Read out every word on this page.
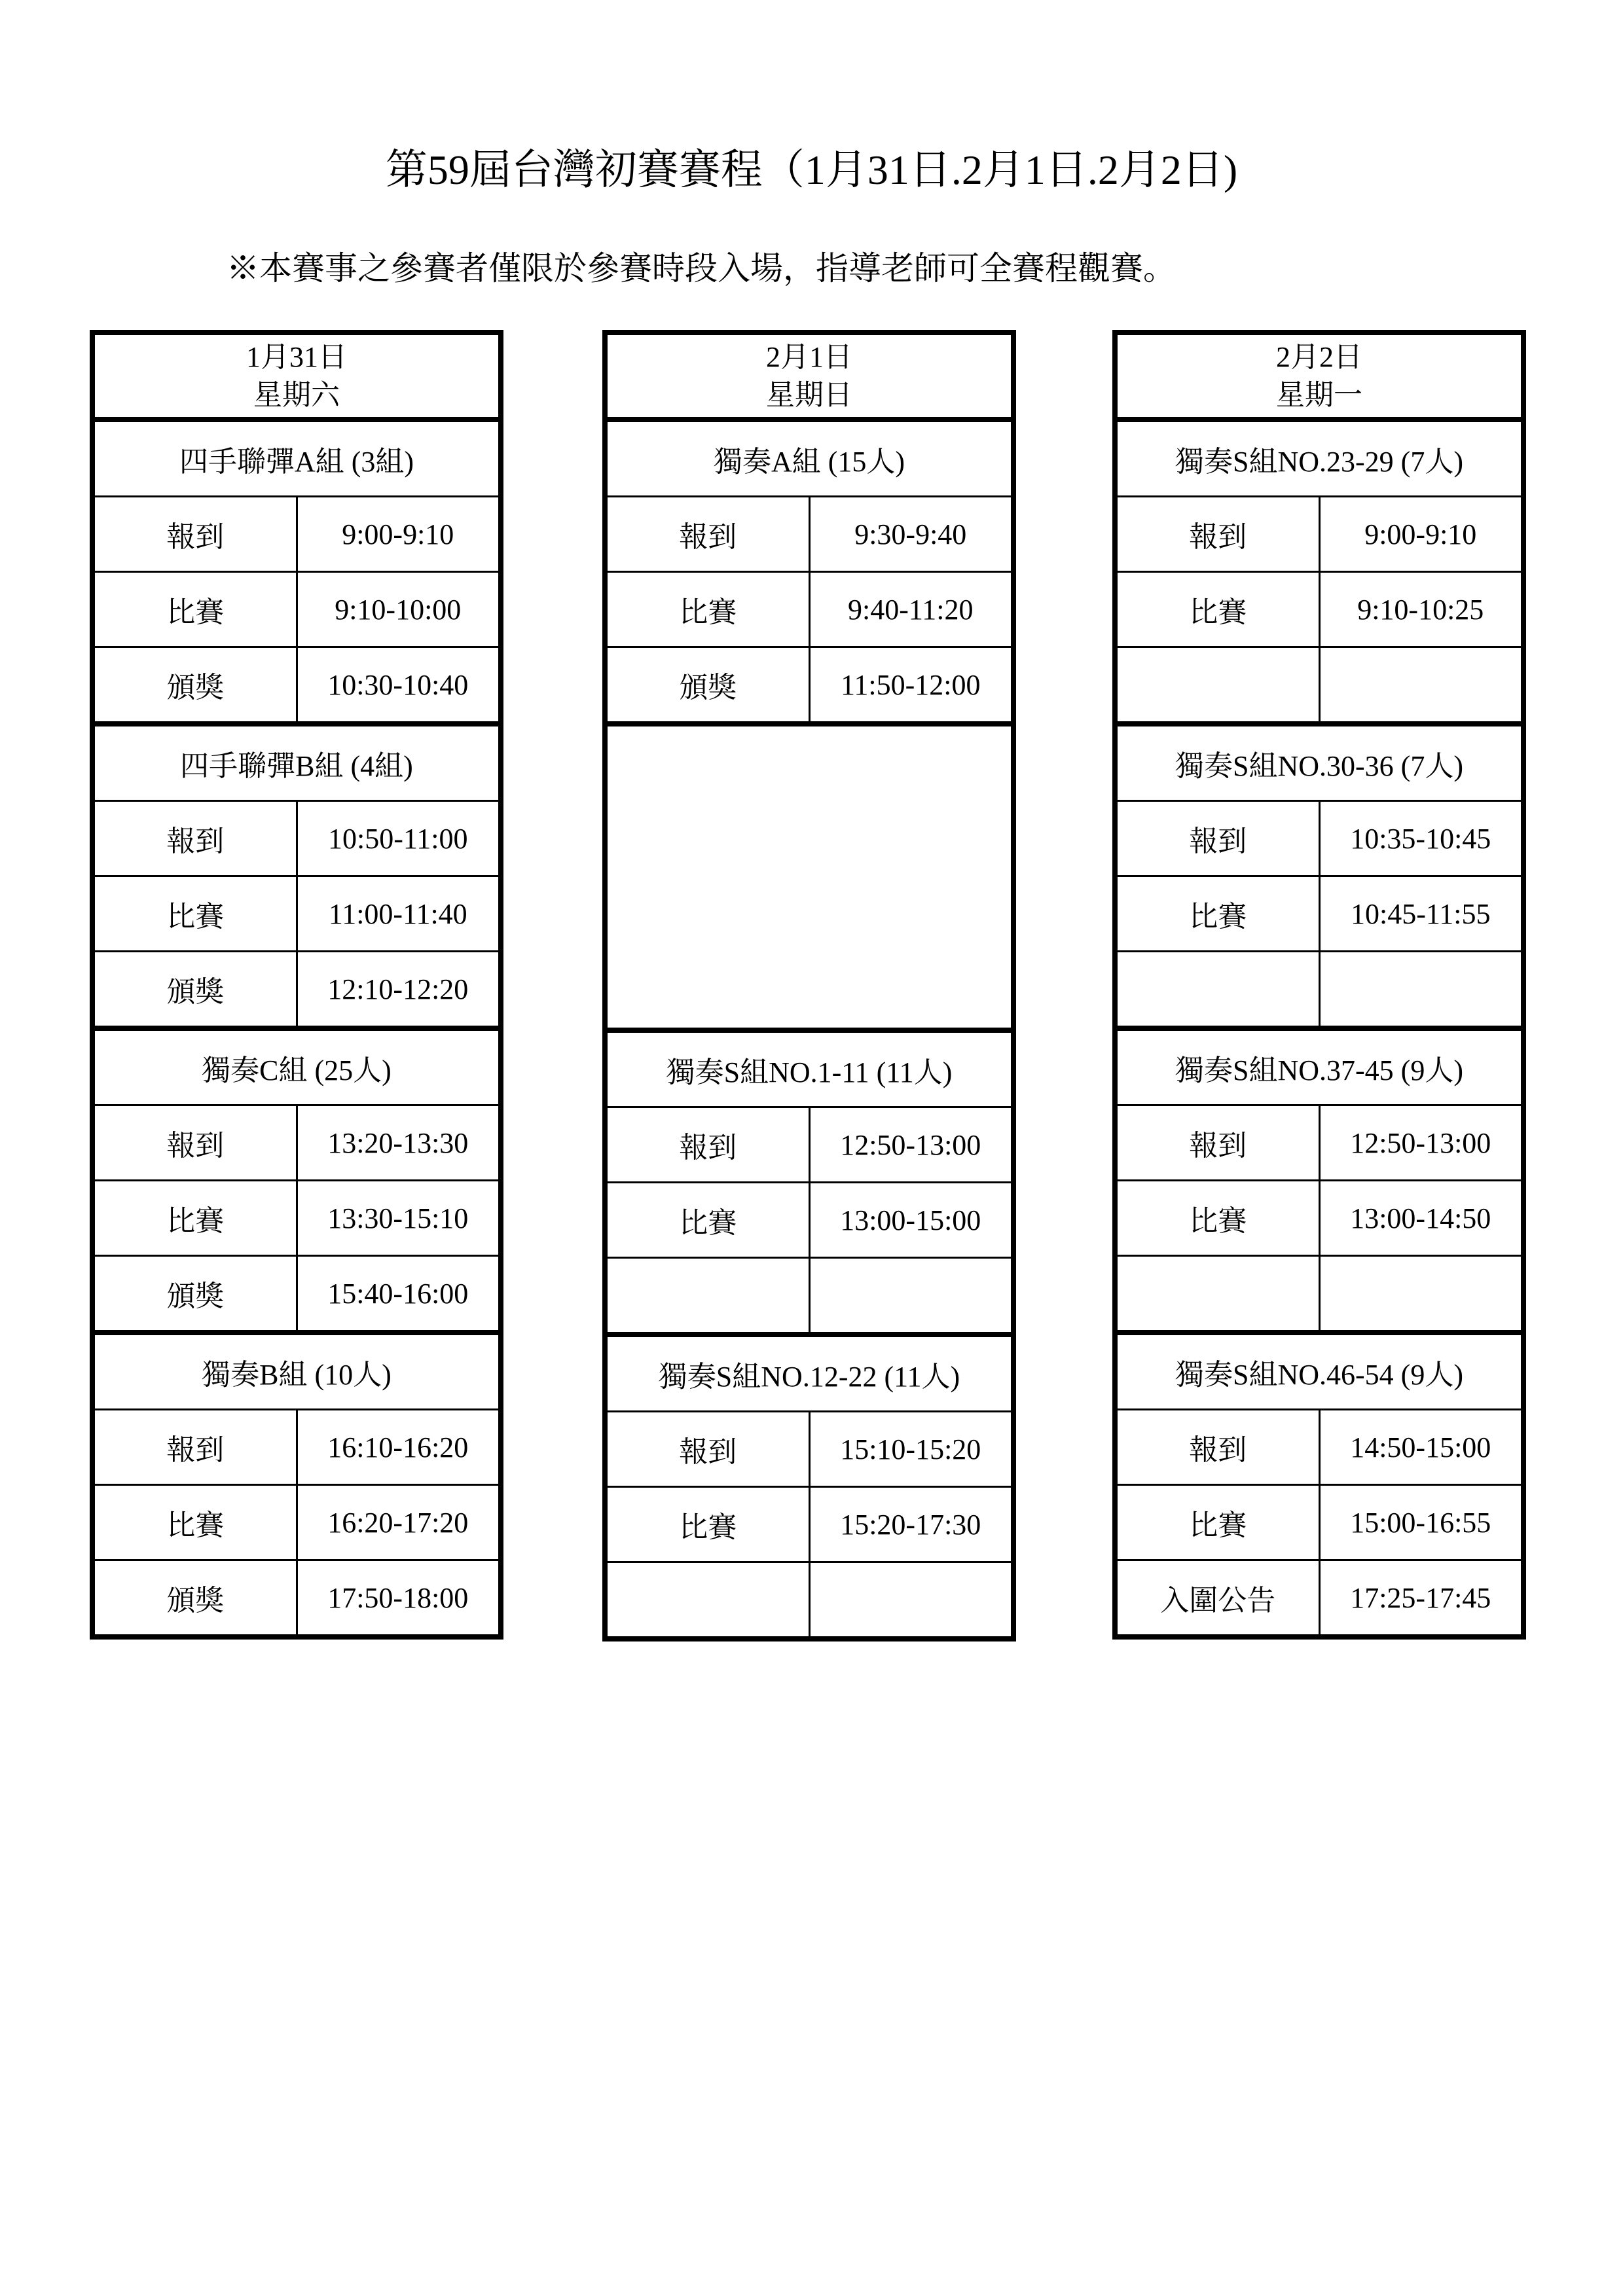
第59屆台灣初賽賽程（1月31日.2月1日.2月2日)
※本賽事之參賽者僅限於參賽時段入場，指導老師可全賽程觀賽。
1月31日
星期六	
四手聯彈A組 (3組)	
報到	9:00-9:10
比賽	9:10-10:00
頒獎	10:30-10:40
四手聯彈B組 (4組)	
報到	10:50-11:00
比賽	11:00-11:40
頒獎	12:10-12:20
獨奏C組 (25人)	
報到	13:20-13:30
比賽	13:30-15:10
頒獎	15:40-16:00
獨奏B組 (10人)	
報到	16:10-16:20
比賽	16:20-17:20
頒獎	17:50-18:00
2月1日
星期日	
獨奏A組 (15人)	
報到	9:30-9:40
比賽	9:40-11:20
頒獎	11:50-12:00

獨奏S組NO.1-11 (11人)	
報到	12:50-13:00
比賽	13:00-15:00

獨奏S組NO.12-22 (11人)	
報到	15:10-15:20
比賽	15:20-17:30

2月2日
星期一	
獨奏S組NO.23-29 (7人)	
報到	9:00-9:10
比賽	9:10-10:25

獨奏S組NO.30-36 (7人)	
報到	10:35-10:45
比賽	10:45-11:55

獨奏S組NO.37-45 (9人)	
報到	12:50-13:00
比賽	13:00-14:50

獨奏S組NO.46-54 (9人)	
報到	14:50-15:00
比賽	15:00-16:55
入圍公告	17:25-17:45
